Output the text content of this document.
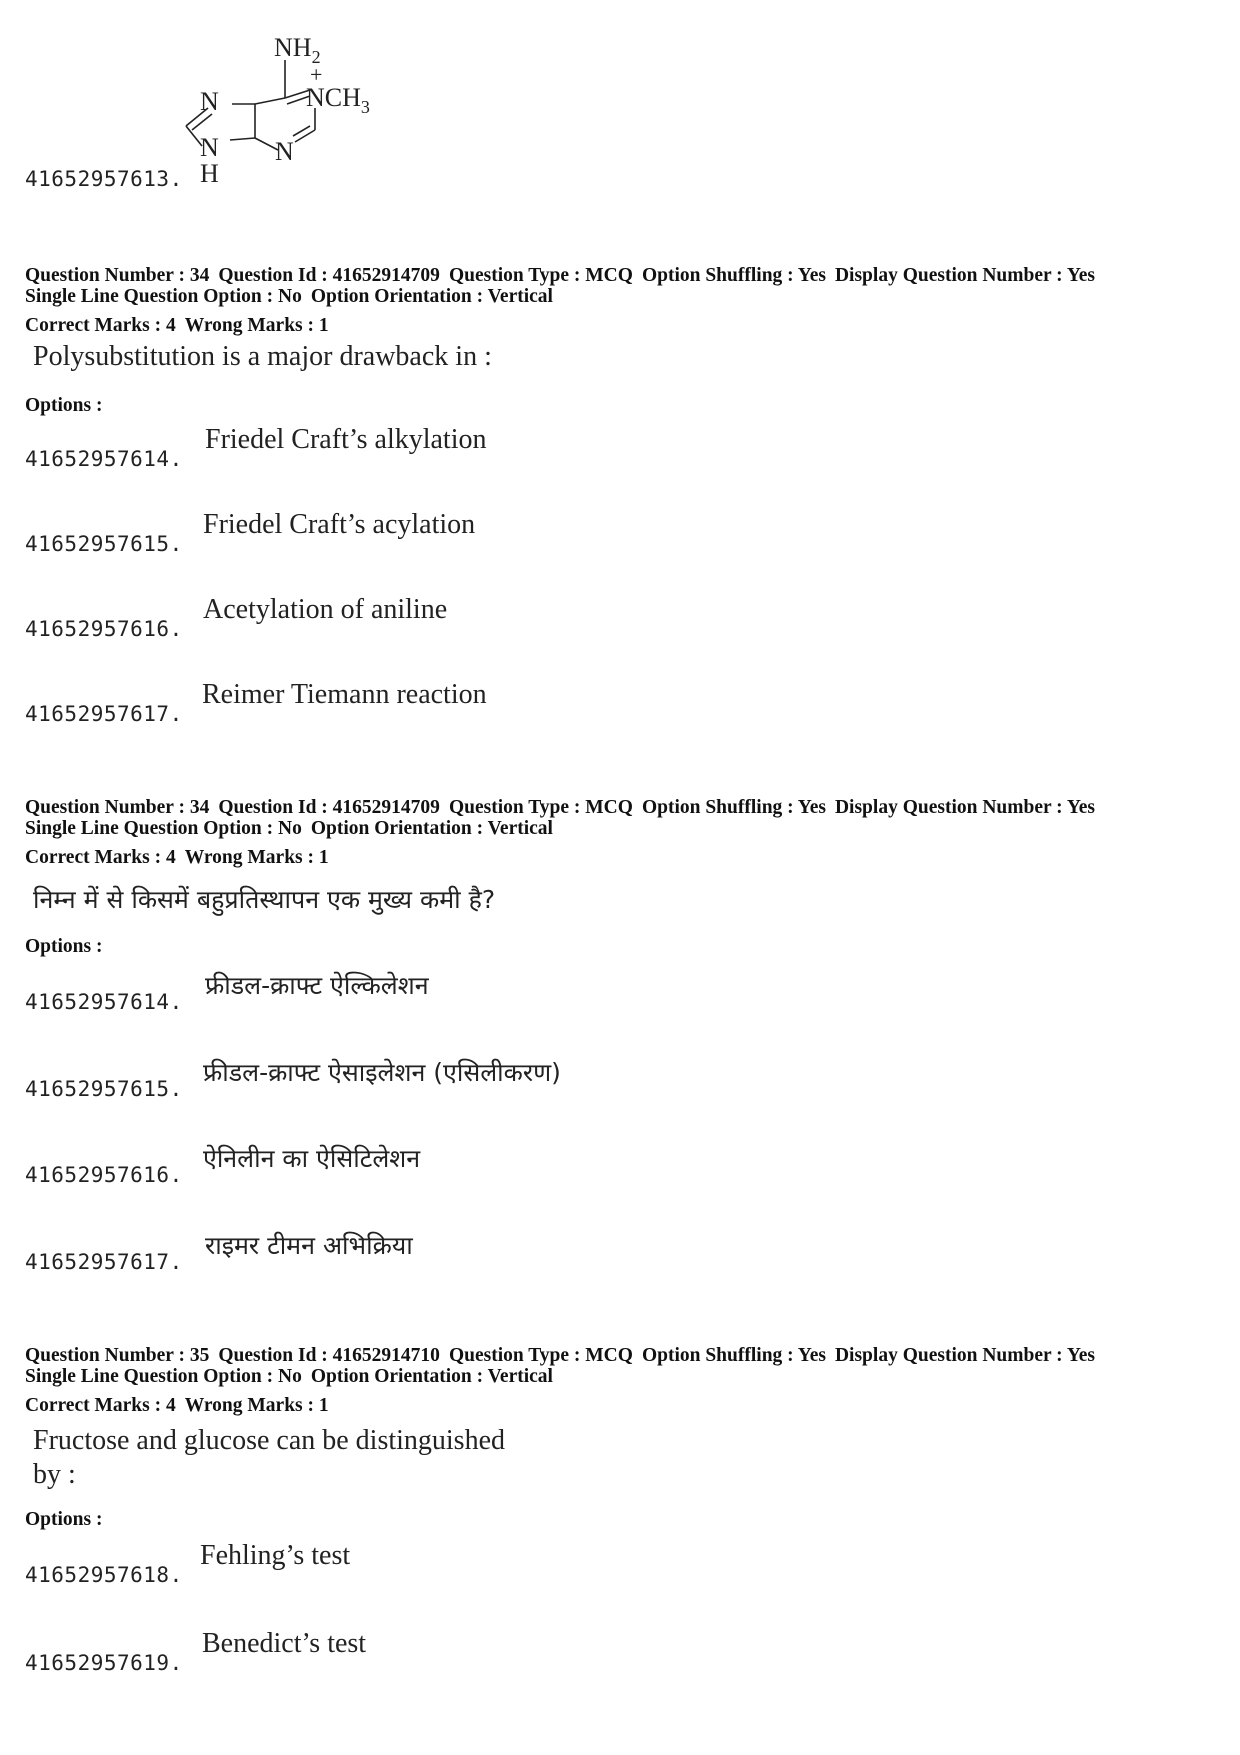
$NH_2$
+
$NCH_3$
N
N
H
N
41652957613.
Question Number : 34 Question Id : 41652914709 Question Type : MCQ Option Shuffling : Yes Display Question Number : Yes
Single Line Question Option : No Option Orientation : Vertical
Correct Marks : 4 Wrong Marks : 1
Polysubstitution is a major drawback in :
Options :
41652957614.
Friedel Craft’s alkylation
41652957615.
Friedel Craft’s acylation
41652957616.
Acetylation of aniline
41652957617.
Reimer Tiemann reaction
Question Number : 34 Question Id : 41652914709 Question Type : MCQ Option Shuffling : Yes Display Question Number : Yes
Single Line Question Option : No Option Orientation : Vertical
Correct Marks : 4 Wrong Marks : 1
निम्न में से किसमें बहुप्रतिस्थापन एक मुख्य कमी है?
Options :
41652957614.
फ्रीडल-क्राफ्ट ऐल्किलेशन
41652957615.
फ्रीडल-क्राफ्ट ऐसाइलेशन (एसिलीकरण)
41652957616.
ऐनिलीन का ऐसिटिलेशन
41652957617.
राइमर टीमन अभिक्रिया
Question Number : 35 Question Id : 41652914710 Question Type : MCQ Option Shuffling : Yes Display Question Number : Yes
Single Line Question Option : No Option Orientation : Vertical
Correct Marks : 4 Wrong Marks : 1
Fructose and glucose can be distinguished
by :
Options :
41652957618.
Fehling’s test
41652957619.
Benedict’s test
